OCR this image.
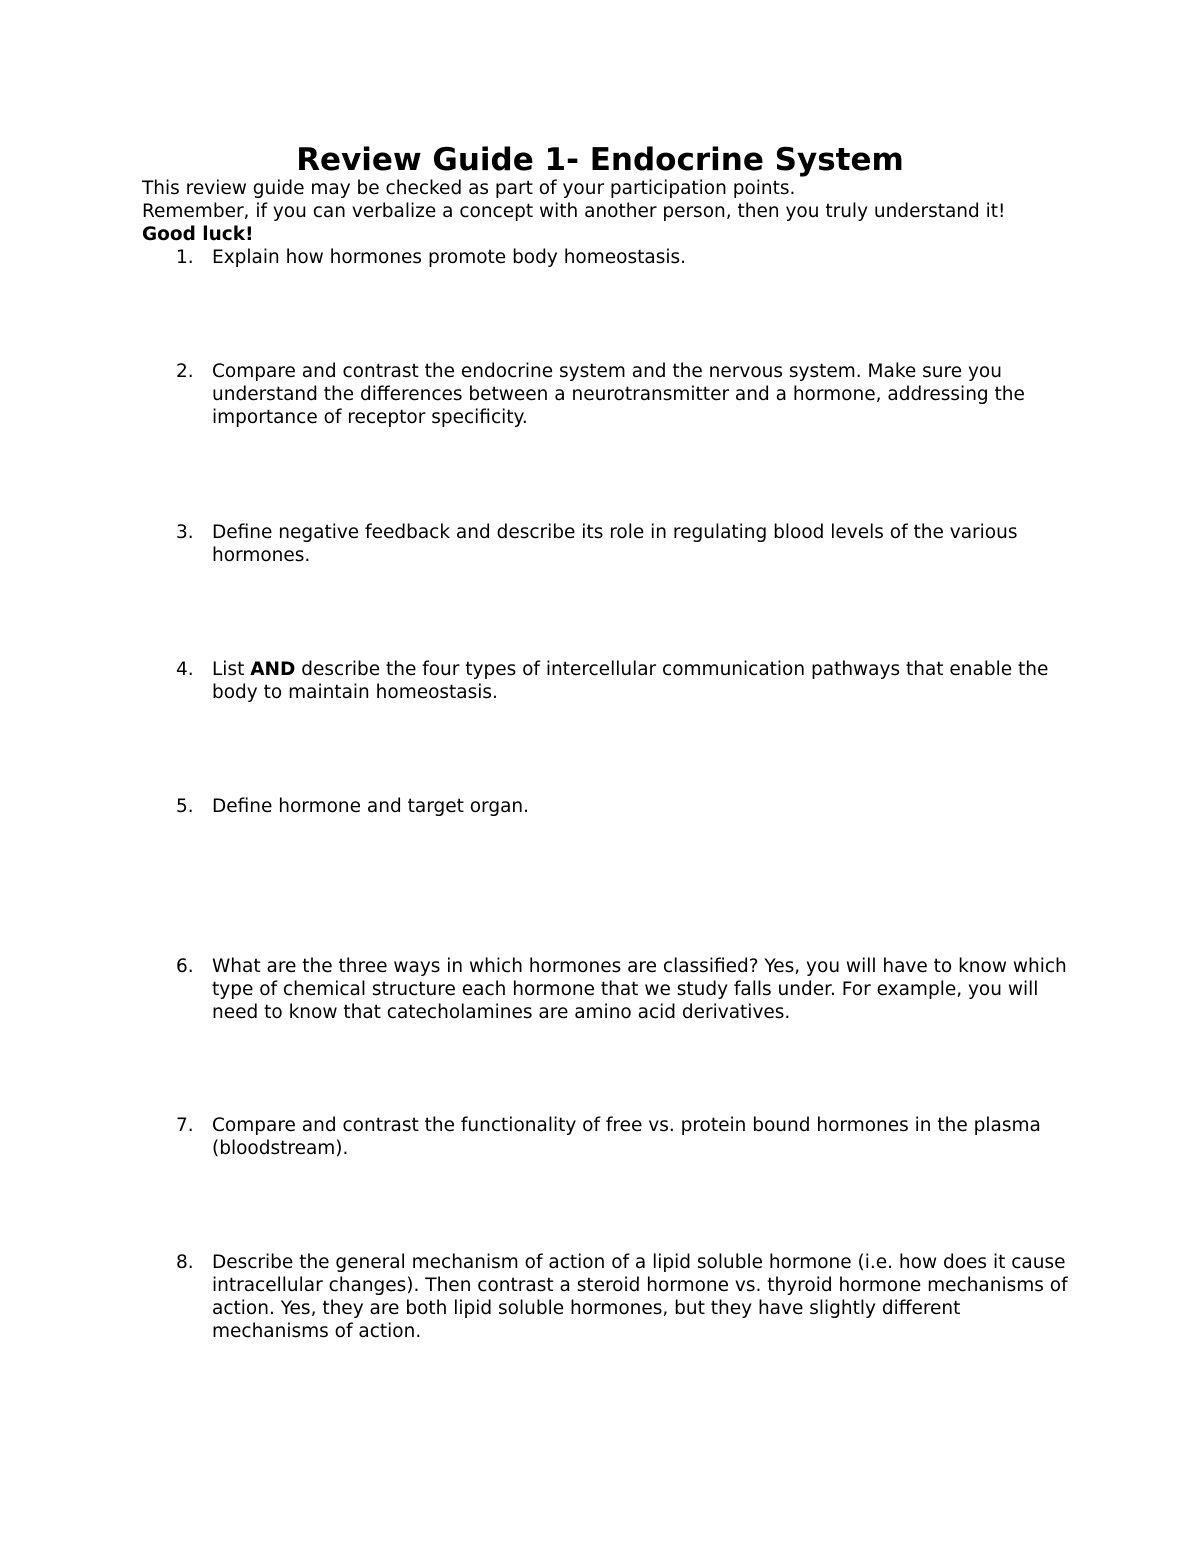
Review Guide 1- Endocrine System

This review guide may be checked as part of your participation points.

Remember, if you can verbalize a concept with another person, then you truly understand it!

Good luck!

1. Explain how hormones promote body homeostasis.
2. Compare and contrast the endocrine system and the nervous system. Make sure you understand the differences between a neurotransmitter and a hormone, addressing the importance of receptor specificity.
3. Define negative feedback and describe its role in regulating blood levels of the various hormones.
4. List AND describe the four types of intercellular communication pathways that enable the body to maintain homeostasis.
5. Define hormone and target organ.
6. What are the three ways in which hormones are classified? Yes, you will have to know which type of chemical structure each hormone that we study falls under. For example, you will need to know that catecholamines are amino acid derivatives.
7. Compare and contrast the functionality of free vs. protein bound hormones in the plasma (bloodstream).
8. Describe the general mechanism of action of a lipid soluble hormone (i.e. how does it cause intracellular changes). Then contrast a steroid hormone vs. thyroid hormone mechanisms of action. Yes, they are both lipid soluble hormones, but they have slightly different mechanisms of action.
